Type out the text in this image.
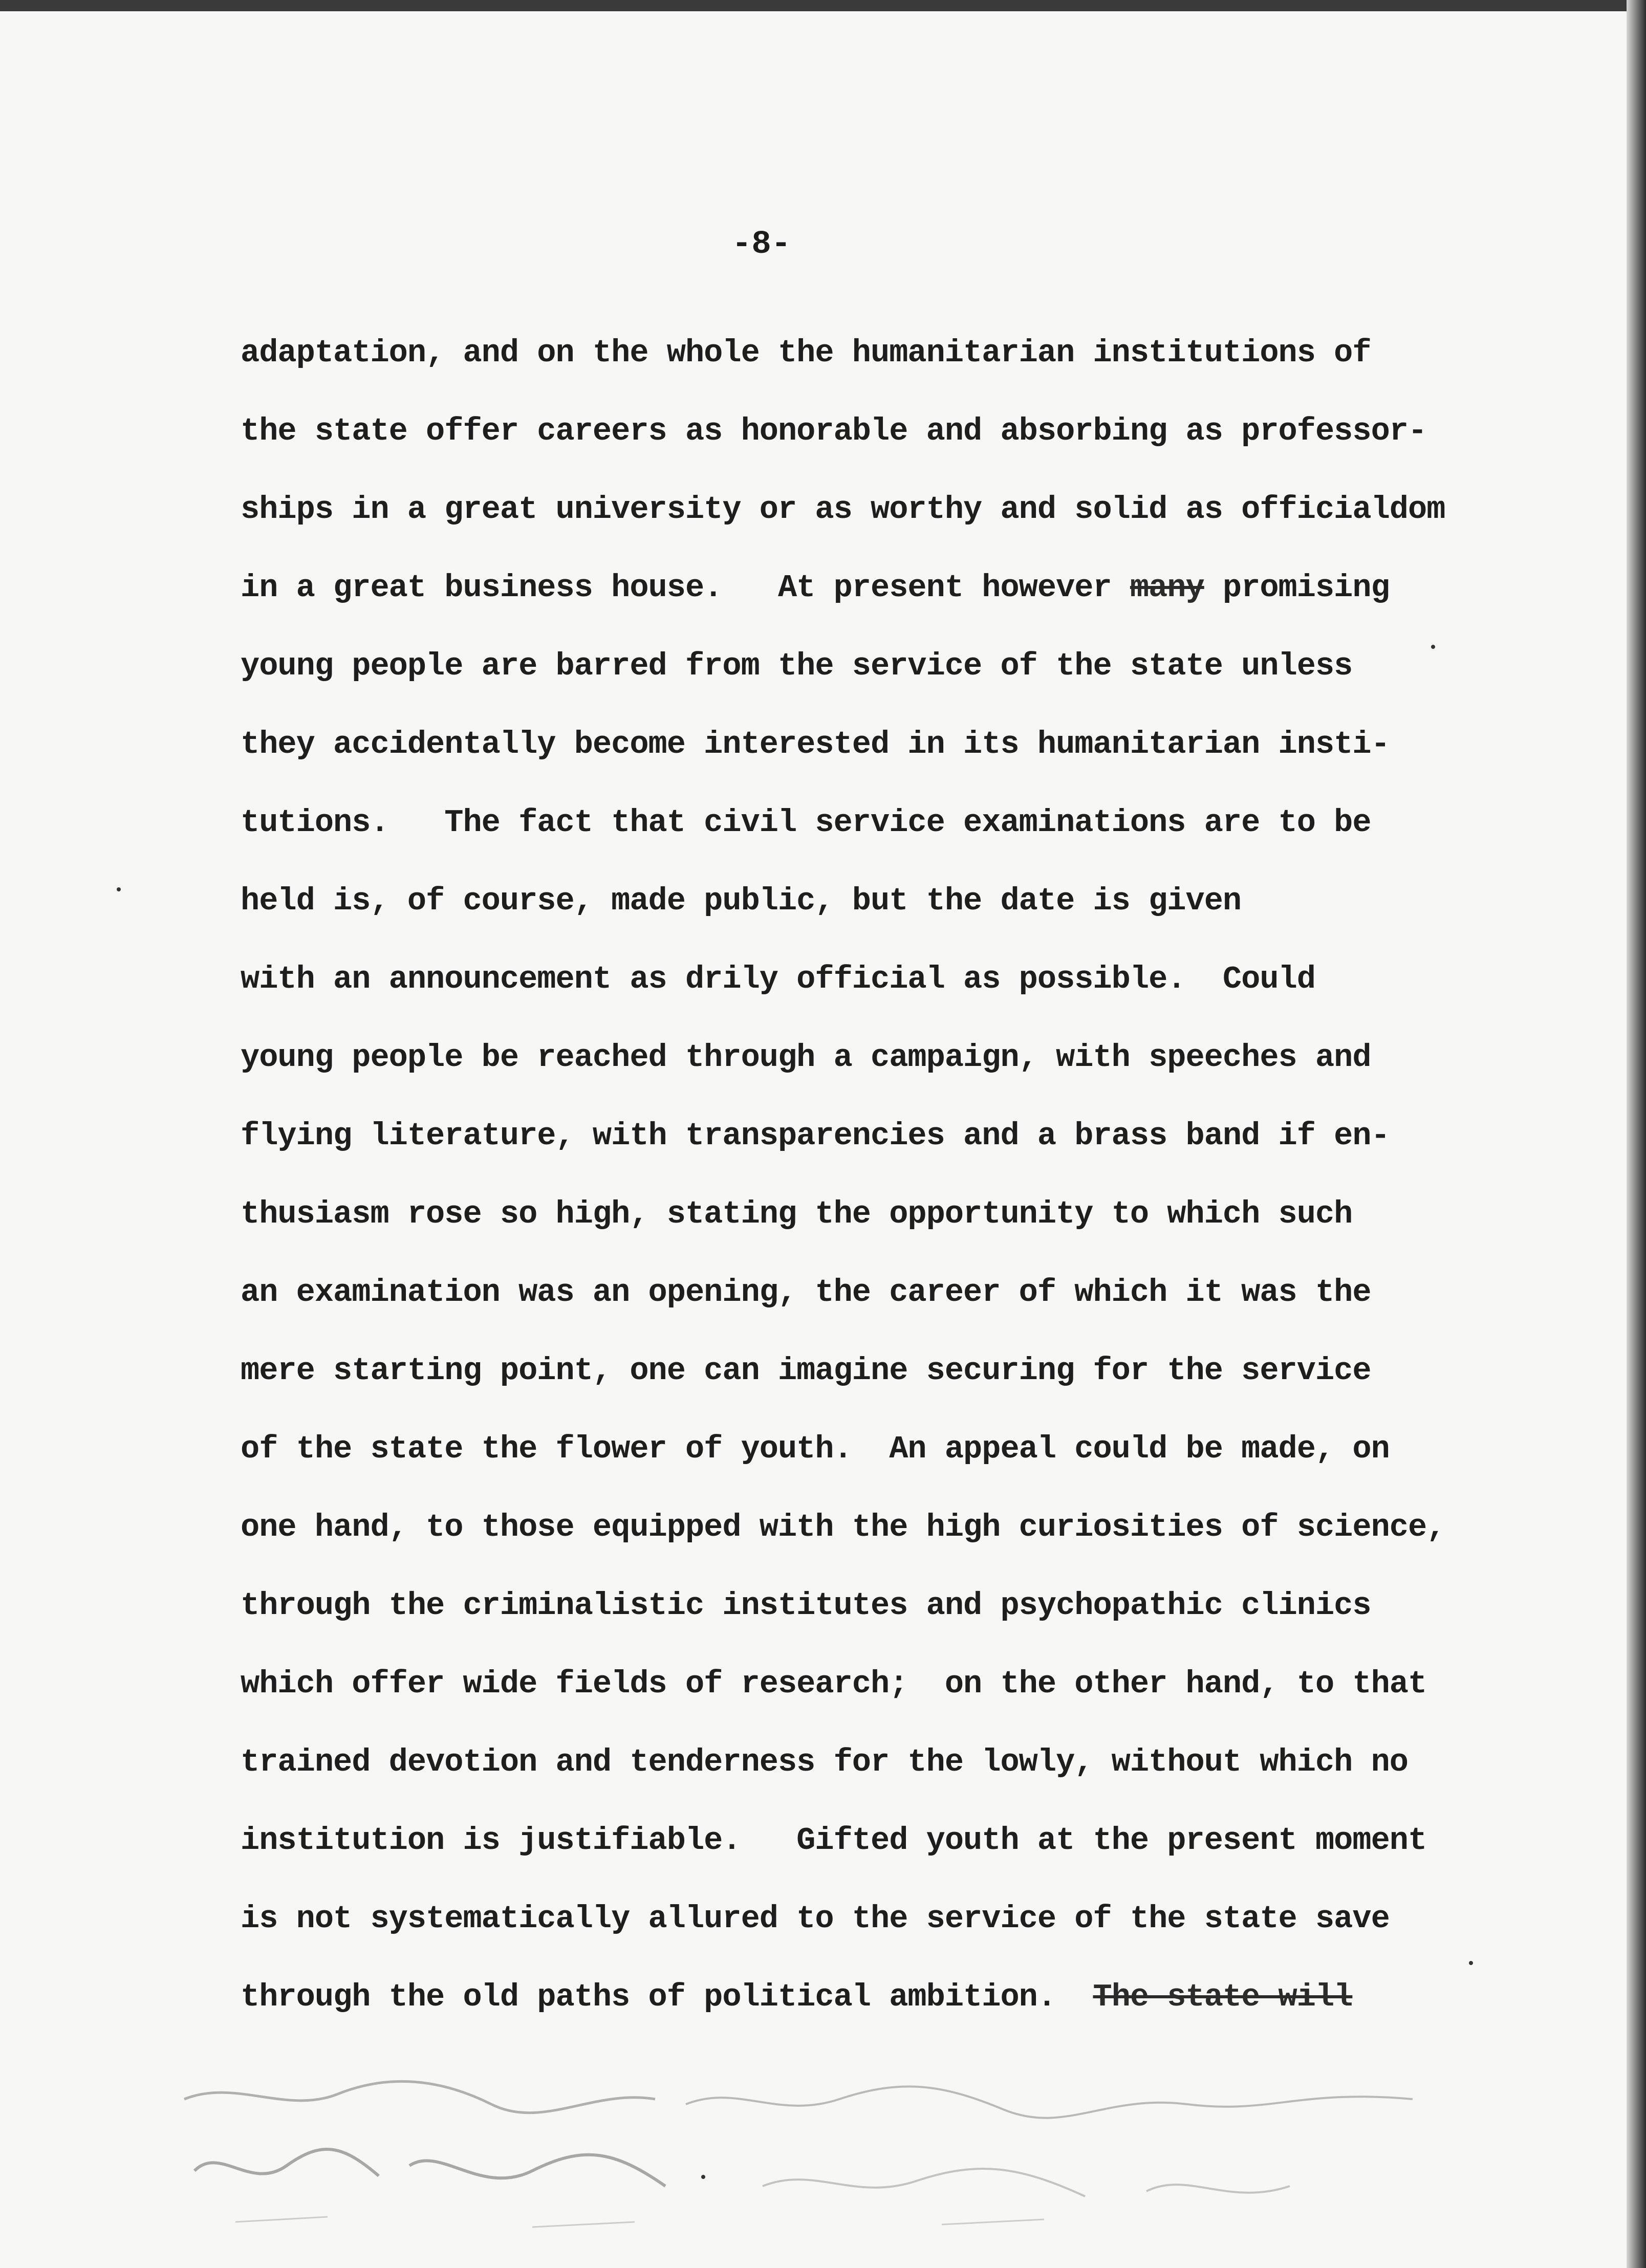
-8-
adaptation, and on the whole the humanitarian institutions of
the state offer careers as honorable and absorbing as professor-
ships in a great university or as worthy and solid as officialdom
in a great business house.   At present however many promising
young people are barred from the service of the state unless
they accidentally become interested in its humanitarian insti-
tutions.   The fact that civil service examinations are to be
held is, of course, made public, but the date is given
with an announcement as drily official as possible.  Could
young people be reached through a campaign, with speeches and
flying literature, with transparencies and a brass band if en-
thusiasm rose so high, stating the opportunity to which such
an examination was an opening, the career of which it was the
mere starting point, one can imagine securing for the service
of the state the flower of youth.  An appeal could be made, on
one hand, to those equipped with the high curiosities of science,
through the criminalistic institutes and psychopathic clinics
which offer wide fields of research;  on the other hand, to that
trained devotion and tenderness for the lowly, without which no
institution is justifiable.   Gifted youth at the present moment
is not systematically allured to the service of the state save
through the old paths of political ambition.  The state will
